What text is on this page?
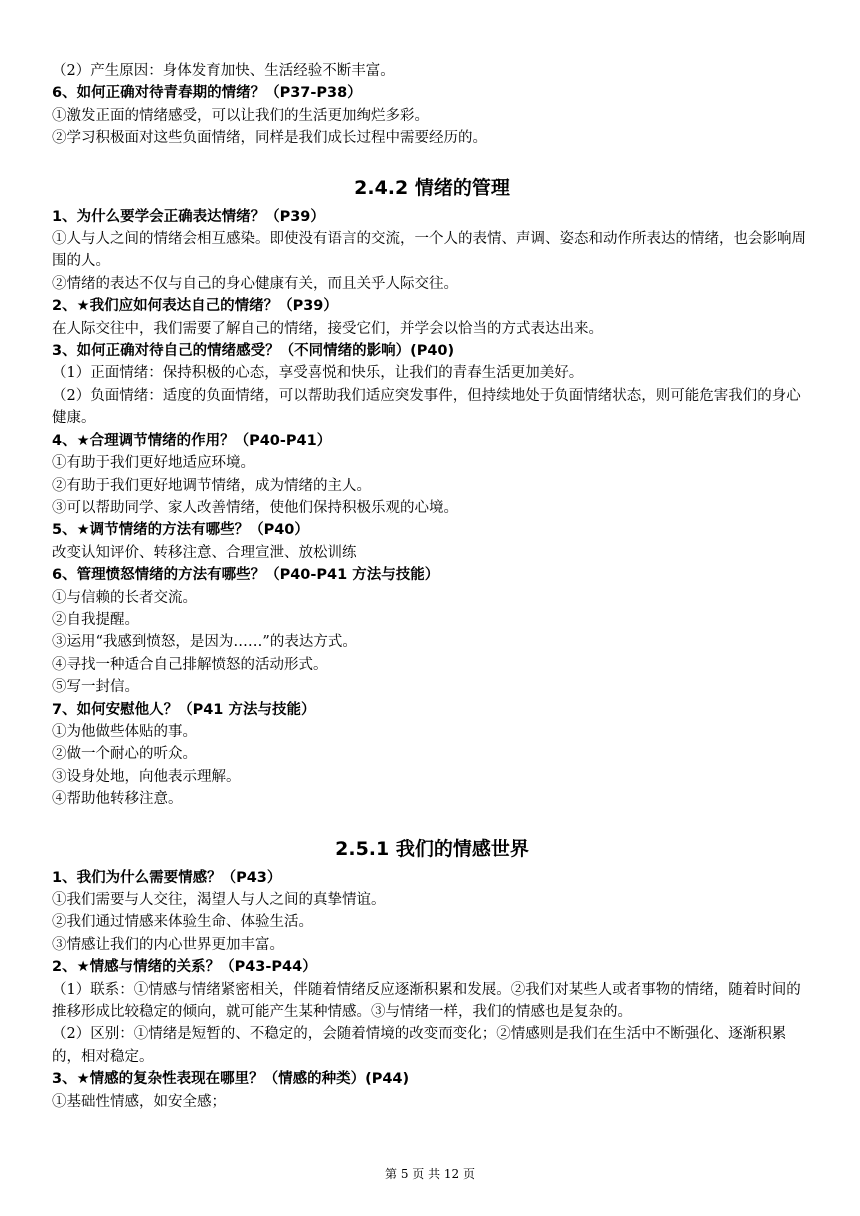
（2）产生原因：身体发育加快、生活经验不断丰富。
6、如何正确对待青春期的情绪？（P37-P38）
①激发正面的情绪感受，可以让我们的生活更加绚烂多彩。
②学习积极面对这些负面情绪，同样是我们成长过程中需要经历的。
2.4.2 情绪的管理
1、为什么要学会正确表达情绪？（P39）
①人与人之间的情绪会相互感染。即使没有语言的交流，一个人的表情、声调、姿态和动作所表达的情绪，也会影响周围的人。
②情绪的表达不仅与自己的身心健康有关，而且关乎人际交往。
2、★我们应如何表达自己的情绪？（P39）
在人际交往中，我们需要了解自己的情绪，接受它们，并学会以恰当的方式表达出来。
3、如何正确对待自己的情绪感受？（不同情绪的影响）(P40)
（1）正面情绪：保持积极的心态，享受喜悦和快乐，让我们的青春生活更加美好。
（2）负面情绪：适度的负面情绪，可以帮助我们适应突发事件，但持续地处于负面情绪状态，则可能危害我们的身心健康。
4、★合理调节情绪的作用？（P40-P41）
①有助于我们更好地适应环境。
②有助于我们更好地调节情绪，成为情绪的主人。
③可以帮助同学、家人改善情绪，使他们保持积极乐观的心境。
5、★调节情绪的方法有哪些？（P40）
改变认知评价、转移注意、合理宣泄、放松训练
6、管理愤怒情绪的方法有哪些？（P40-P41 方法与技能）
①与信赖的长者交流。
②自我提醒。
③运用“我感到愤怒，是因为……”的表达方式。
④寻找一种适合自己排解愤怒的活动形式。
⑤写一封信。
7、如何安慰他人？（P41 方法与技能）
①为他做些体贴的事。
②做一个耐心的听众。
③设身处地，向他表示理解。
④帮助他转移注意。
2.5.1 我们的情感世界
1、我们为什么需要情感？（P43）
①我们需要与人交往，渴望人与人之间的真挚情谊。
②我们通过情感来体验生命、体验生活。
③情感让我们的内心世界更加丰富。
2、★情感与情绪的关系？（P43-P44）
（1）联系：①情感与情绪紧密相关，伴随着情绪反应逐渐积累和发展。②我们对某些人或者事物的情绪，随着时间的推移形成比较稳定的倾向，就可能产生某种情感。③与情绪一样，我们的情感也是复杂的。
（2）区别：①情绪是短暂的、不稳定的，会随着情境的改变而变化；②情感则是我们在生活中不断强化、逐渐积累的，相对稳定。
3、★情感的复杂性表现在哪里？（情感的种类）(P44)
①基础性情感，如安全感；
第 5 页 共 12 页
